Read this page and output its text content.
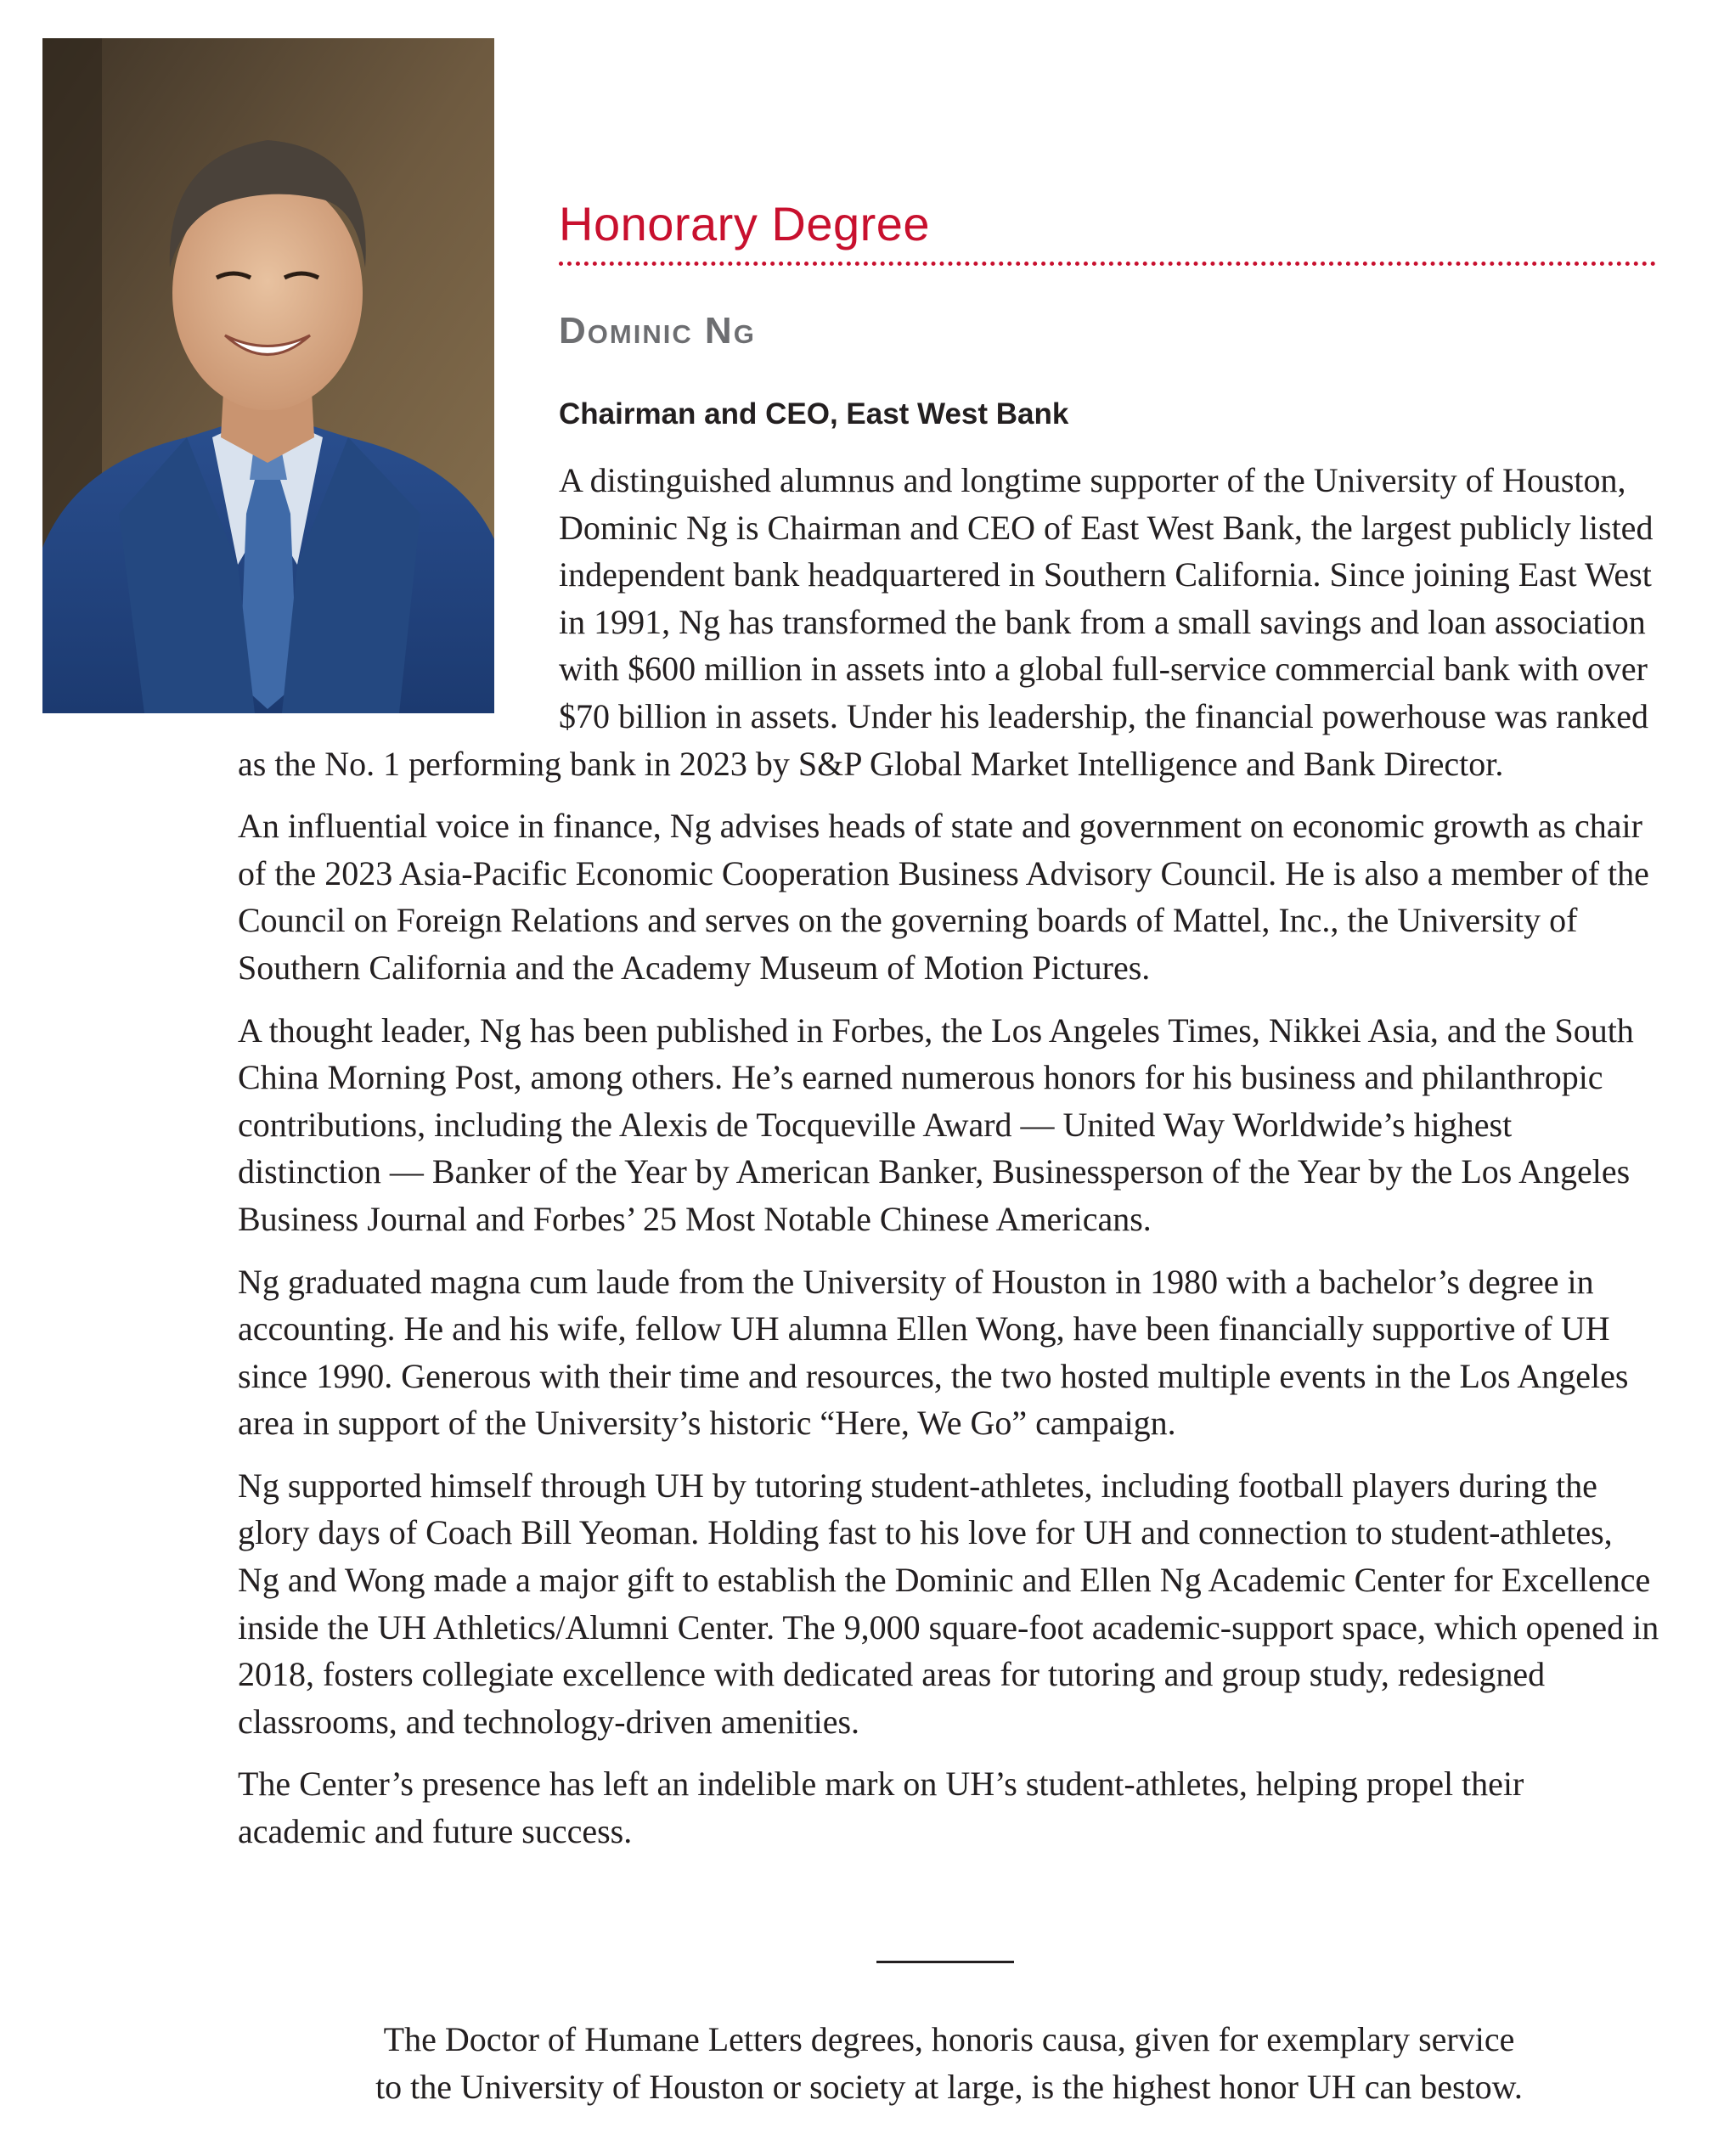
Honorary Degree
Dominic Ng
Chairman and CEO, East West Bank

A distinguished alumnus and longtime supporter of the University of Houston, Dominic Ng is Chairman and CEO of East West Bank, the largest publicly listed independent bank headquartered in Southern California. Since joining East West in 1991, Ng has transformed the bank from a small savings and loan association with $600 million in assets into a global full-service commercial bank with over $70 billion in assets. Under his leadership, the financial powerhouse was ranked as the No. 1 performing bank in 2023 by S&P Global Market Intelligence and Bank Director.

An influential voice in finance, Ng advises heads of state and government on economic growth as chair of the 2023 Asia-Pacific Economic Cooperation Business Advisory Council. He is also a member of the Council on Foreign Relations and serves on the governing boards of Mattel, Inc., the University of Southern California and the Academy Museum of Motion Pictures.

A thought leader, Ng has been published in Forbes, the Los Angeles Times, Nikkei Asia, and the South China Morning Post, among others. He’s earned numerous honors for his business and philanthropic contributions, including the Alexis de Tocqueville Award — United Way Worldwide’s highest distinction — Banker of the Year by American Banker, Businessperson of the Year by the Los Angeles Business Journal and Forbes’ 25 Most Notable Chinese Americans.

Ng graduated magna cum laude from the University of Houston in 1980 with a bachelor’s degree in accounting. He and his wife, fellow UH alumna Ellen Wong, have been financially supportive of UH since 1990. Generous with their time and resources, the two hosted multiple events in the Los Angeles area in support of the University’s historic “Here, We Go” campaign.

Ng supported himself through UH by tutoring student-athletes, including football players during the glory days of Coach Bill Yeoman. Holding fast to his love for UH and connection to student-athletes, Ng and Wong made a major gift to establish the Dominic and Ellen Ng Academic Center for Excellence inside the UH Athletics/Alumni Center. The 9,000 square-foot academic-support space, which opened in 2018, fosters collegiate excellence with dedicated areas for tutoring and group study, redesigned classrooms, and technology-driven amenities.

The Center’s presence has left an indelible mark on UH’s student-athletes, helping propel their academic and future success.

The Doctor of Humane Letters degrees, honoris causa, given for exemplary service
to the University of Houston or society at large, is the highest honor UH can bestow.
